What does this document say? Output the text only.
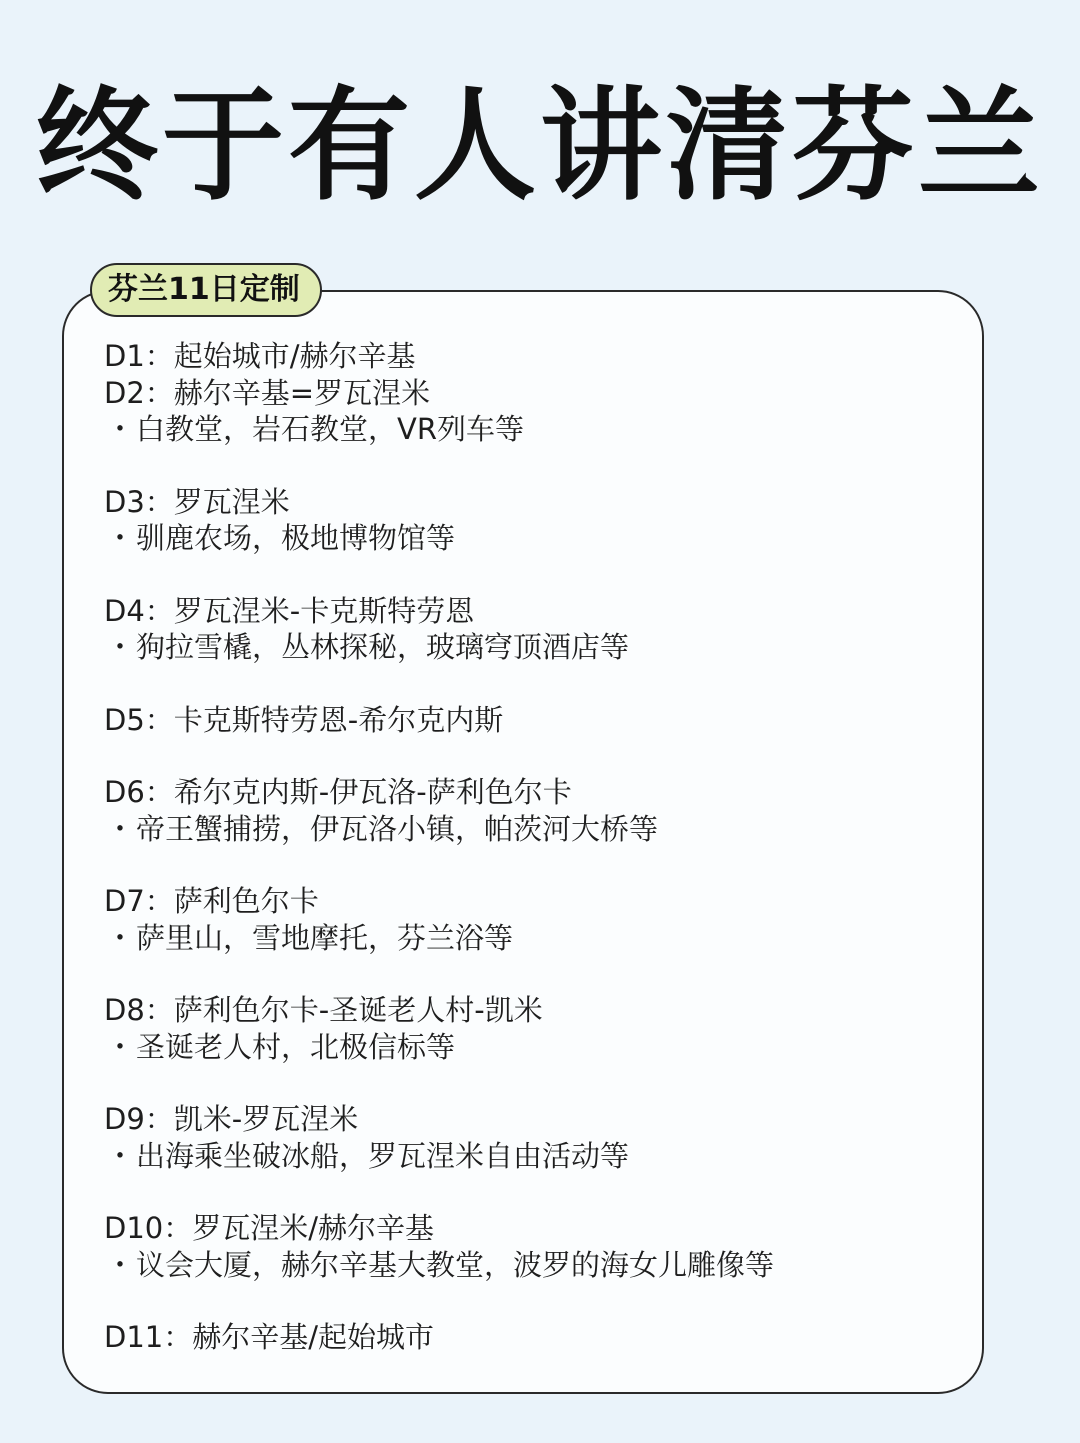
终于有人讲清芬兰
芬兰11日定制
D1：起始城市/赫尔辛基
D2：赫尔辛基=罗瓦涅米
・白教堂，岩石教堂，VR列车等
D3：罗瓦涅米
・驯鹿农场，极地博物馆等
D4：罗瓦涅米-卡克斯特劳恩
・狗拉雪橇，丛林探秘，玻璃穹顶酒店等
D5：卡克斯特劳恩-希尔克内斯
D6：希尔克内斯-伊瓦洛-萨利色尔卡
・帝王蟹捕捞，伊瓦洛小镇，帕茨河大桥等
D7：萨利色尔卡
・萨里山，雪地摩托，芬兰浴等
D8：萨利色尔卡-圣诞老人村-凯米
・圣诞老人村，北极信标等
D9：凯米-罗瓦涅米
・出海乘坐破冰船，罗瓦涅米自由活动等
D10：罗瓦涅米/赫尔辛基
・议会大厦，赫尔辛基大教堂，波罗的海女儿雕像等
D11：赫尔辛基/起始城市
